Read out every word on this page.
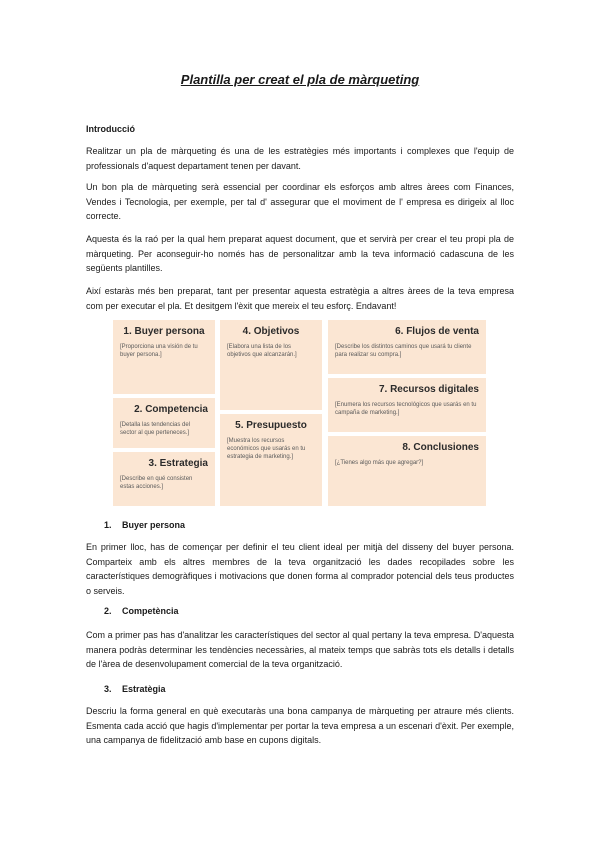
Plantilla per creat el pla de màrqueting
Introducció

Realitzar un pla de màrqueting és una de les estratègies més importants i complexes que l'equip de professionals d'aquest departament tenen per davant.

Un bon pla de màrqueting serà essencial per coordinar els esforços amb altres àrees com Finances, Vendes i Tecnologia, per exemple, per tal d' assegurar que el moviment de l' empresa es dirigeix al lloc correcte.

Aquesta és la raó per la qual hem preparat aquest document, que et servirà per crear el teu propi pla de màrqueting. Per aconseguir-ho només has de personalitzar amb la teva informació cadascuna de les següents plantilles.

Així estaràs més ben preparat, tant per presentar aquesta estratègia a altres àrees de la teva empresa com per executar el pla. Et desitgem l'èxit que mereix el teu esforç. Endavant!

1. Buyer persona
[Proporciona una visión de tu buyer persona.]
2. Competencia
[Detalla las tendencias del sector al que perteneces.]
3. Estrategia
[Describe en qué consisten estas acciones.]
4. Objetivos
[Elabora una lista de los objetivos que alcanzarán.]
5. Presupuesto
[Muestra los recursos económicos que usarás en tu estrategia de marketing.]
6. Flujos de venta
[Describe los distintos caminos que usará tu cliente para realizar su compra.]
7. Recursos digitales
[Enumera los recursos tecnológicos que usarás en tu campaña de marketing.]
8. Conclusiones
[¿Tienes algo más que agregar?]
1. Buyer persona

En primer lloc, has de començar per definir el teu client ideal per mitjà del disseny del buyer persona. Comparteix amb els altres membres de la teva organització les dades recopilades sobre les característiques demogràfiques i motivacions que donen forma al comprador potencial dels teus productes o serveis.

2. Competència

Com a primer pas has d'analitzar les característiques del sector al qual pertany la teva empresa. D'aquesta manera podràs determinar les tendències necessàries, al mateix temps que sabràs tots els detalls i detalls de l'àrea de desenvolupament comercial de la teva organització.

3. Estratègia

Descriu la forma general en què executaràs una bona campanya de màrqueting per atraure més clients. Esmenta cada acció que hagis d'implementar per portar la teva empresa a un escenari d'èxit. Per exemple, una campanya de fidelització amb base en cupons digitals.
